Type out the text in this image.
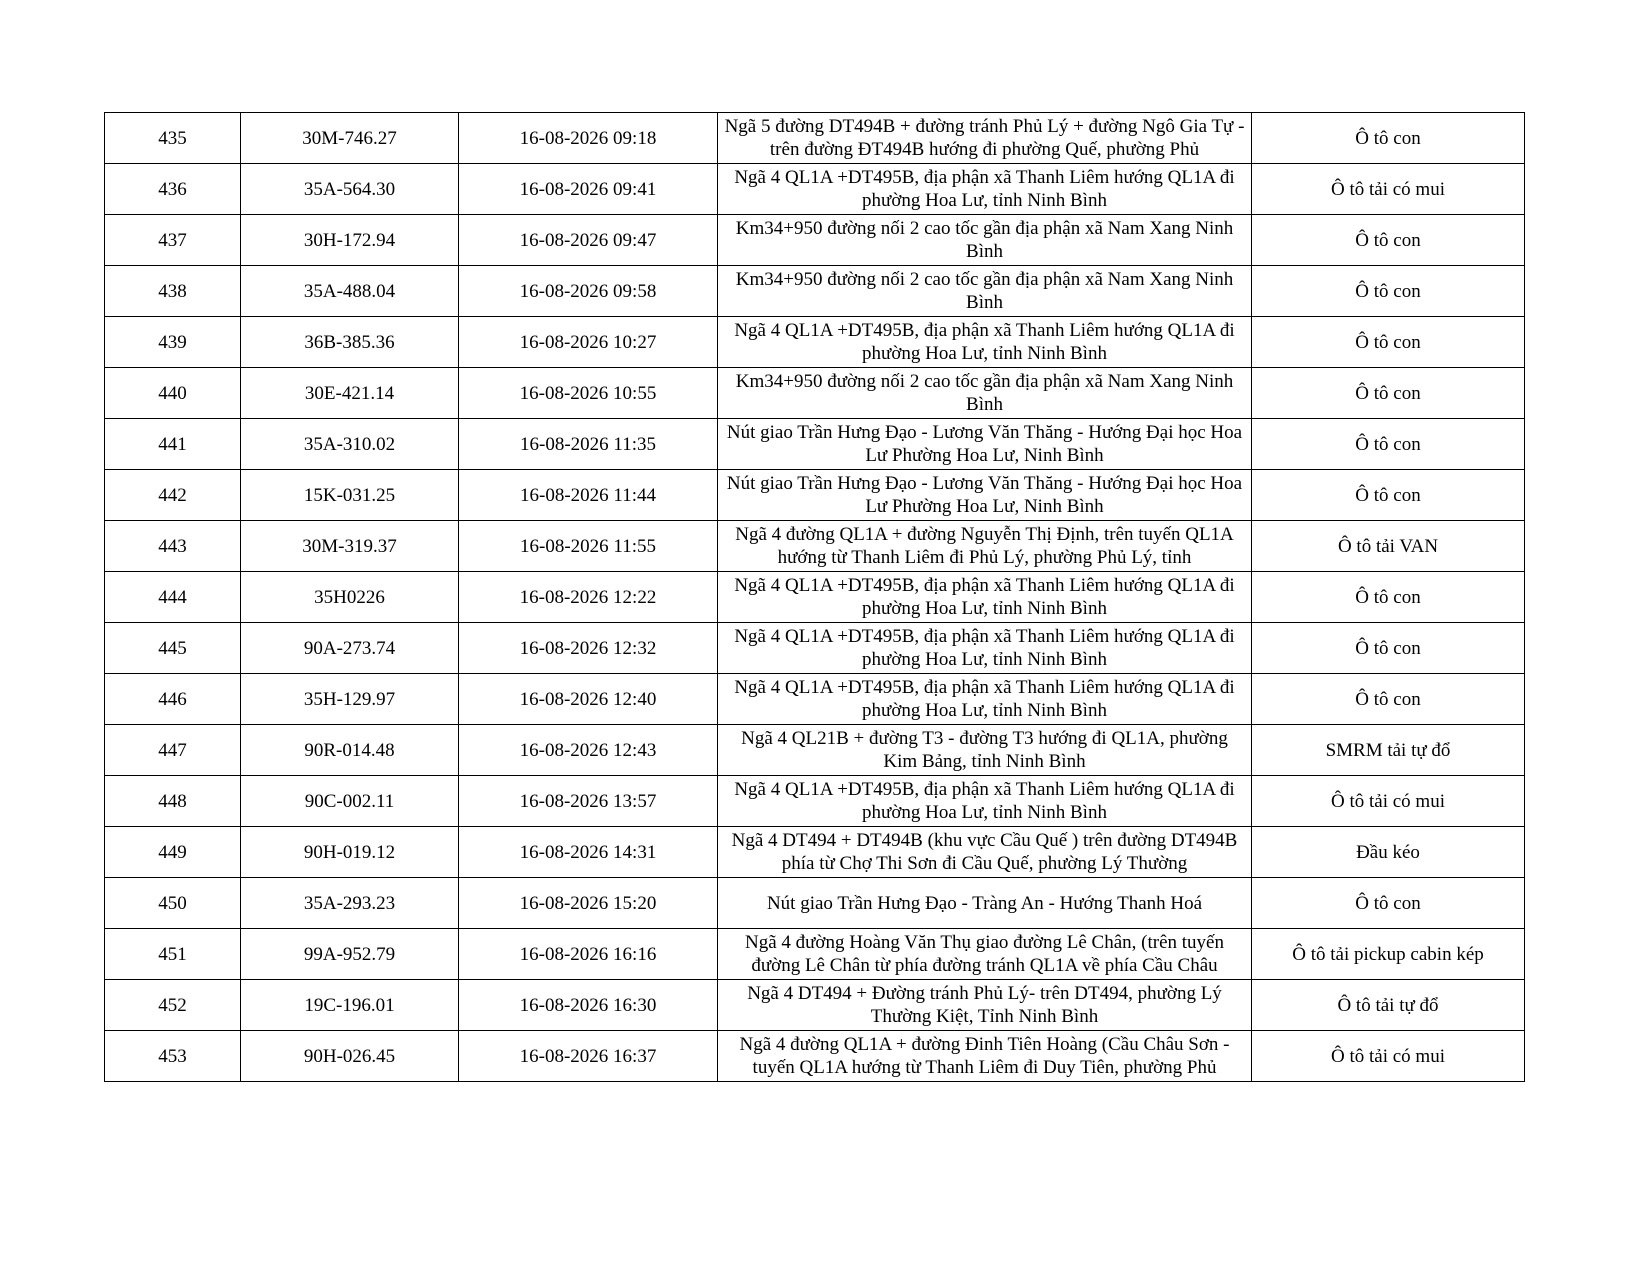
435	30M-746.27	16-08-2026 09:18	Ngã 5 đường DT494B + đường tránh Phủ Lý + đường Ngô Gia Tự - trên đường ĐT494B hướng đi phường Quế, phường Phủ	Ô tô con
436	35A-564.30	16-08-2026 09:41	Ngã 4 QL1A +DT495B, địa phận xã Thanh Liêm hướng QL1A đi phường Hoa Lư, tỉnh Ninh Bình	Ô tô tải có mui
437	30H-172.94	16-08-2026 09:47	Km34+950 đường nối 2 cao tốc gần địa phận xã Nam Xang Ninh Bình	Ô tô con
438	35A-488.04	16-08-2026 09:58	Km34+950 đường nối 2 cao tốc gần địa phận xã Nam Xang Ninh Bình	Ô tô con
439	36B-385.36	16-08-2026 10:27	Ngã 4 QL1A +DT495B, địa phận xã Thanh Liêm hướng QL1A đi phường Hoa Lư, tỉnh Ninh Bình	Ô tô con
440	30E-421.14	16-08-2026 10:55	Km34+950 đường nối 2 cao tốc gần địa phận xã Nam Xang Ninh Bình	Ô tô con
441	35A-310.02	16-08-2026 11:35	Nút giao Trần Hưng Đạo - Lương Văn Thăng - Hướng Đại học Hoa Lư Phường Hoa Lư, Ninh Bình	Ô tô con
442	15K-031.25	16-08-2026 11:44	Nút giao Trần Hưng Đạo - Lương Văn Thăng - Hướng Đại học Hoa Lư Phường Hoa Lư, Ninh Bình	Ô tô con
443	30M-319.37	16-08-2026 11:55	Ngã 4 đường QL1A + đường Nguyễn Thị Định, trên tuyến QL1A hướng từ Thanh Liêm đi Phủ Lý, phường Phủ Lý, tỉnh	Ô tô tải VAN
444	35H0226	16-08-2026 12:22	Ngã 4 QL1A +DT495B, địa phận xã Thanh Liêm hướng QL1A đi phường Hoa Lư, tỉnh Ninh Bình	Ô tô con
445	90A-273.74	16-08-2026 12:32	Ngã 4 QL1A +DT495B, địa phận xã Thanh Liêm hướng QL1A đi phường Hoa Lư, tỉnh Ninh Bình	Ô tô con
446	35H-129.97	16-08-2026 12:40	Ngã 4 QL1A +DT495B, địa phận xã Thanh Liêm hướng QL1A đi phường Hoa Lư, tỉnh Ninh Bình	Ô tô con
447	90R-014.48	16-08-2026 12:43	Ngã 4 QL21B + đường T3 - đường T3 hướng đi QL1A, phường Kim Bảng, tỉnh Ninh Bình	SMRM tải tự đổ
448	90C-002.11	16-08-2026 13:57	Ngã 4 QL1A +DT495B, địa phận xã Thanh Liêm hướng QL1A đi phường Hoa Lư, tỉnh Ninh Bình	Ô tô tải có mui
449	90H-019.12	16-08-2026 14:31	Ngã 4 DT494 + DT494B (khu vực Cầu Quế ) trên đường DT494B phía từ Chợ Thi Sơn đi Cầu Quế, phường Lý Thường	Đầu kéo
450	35A-293.23	16-08-2026 15:20	Nút giao Trần Hưng Đạo - Tràng An - Hướng Thanh Hoá	Ô tô con
451	99A-952.79	16-08-2026 16:16	Ngã 4 đường Hoàng Văn Thụ giao đường Lê Chân, (trên tuyến đường Lê Chân từ phía đường tránh QL1A về phía Cầu Châu	Ô tô tải pickup cabin kép
452	19C-196.01	16-08-2026 16:30	Ngã 4 DT494 + Đường tránh Phủ Lý- trên DT494, phường Lý Thường Kiệt, Tỉnh Ninh Bình	Ô tô tải tự đổ
453	90H-026.45	16-08-2026 16:37	Ngã 4 đường QL1A + đường Đinh Tiên Hoàng (Cầu Châu Sơn - tuyến QL1A hướng từ Thanh Liêm đi Duy Tiên, phường Phủ	Ô tô tải có mui
